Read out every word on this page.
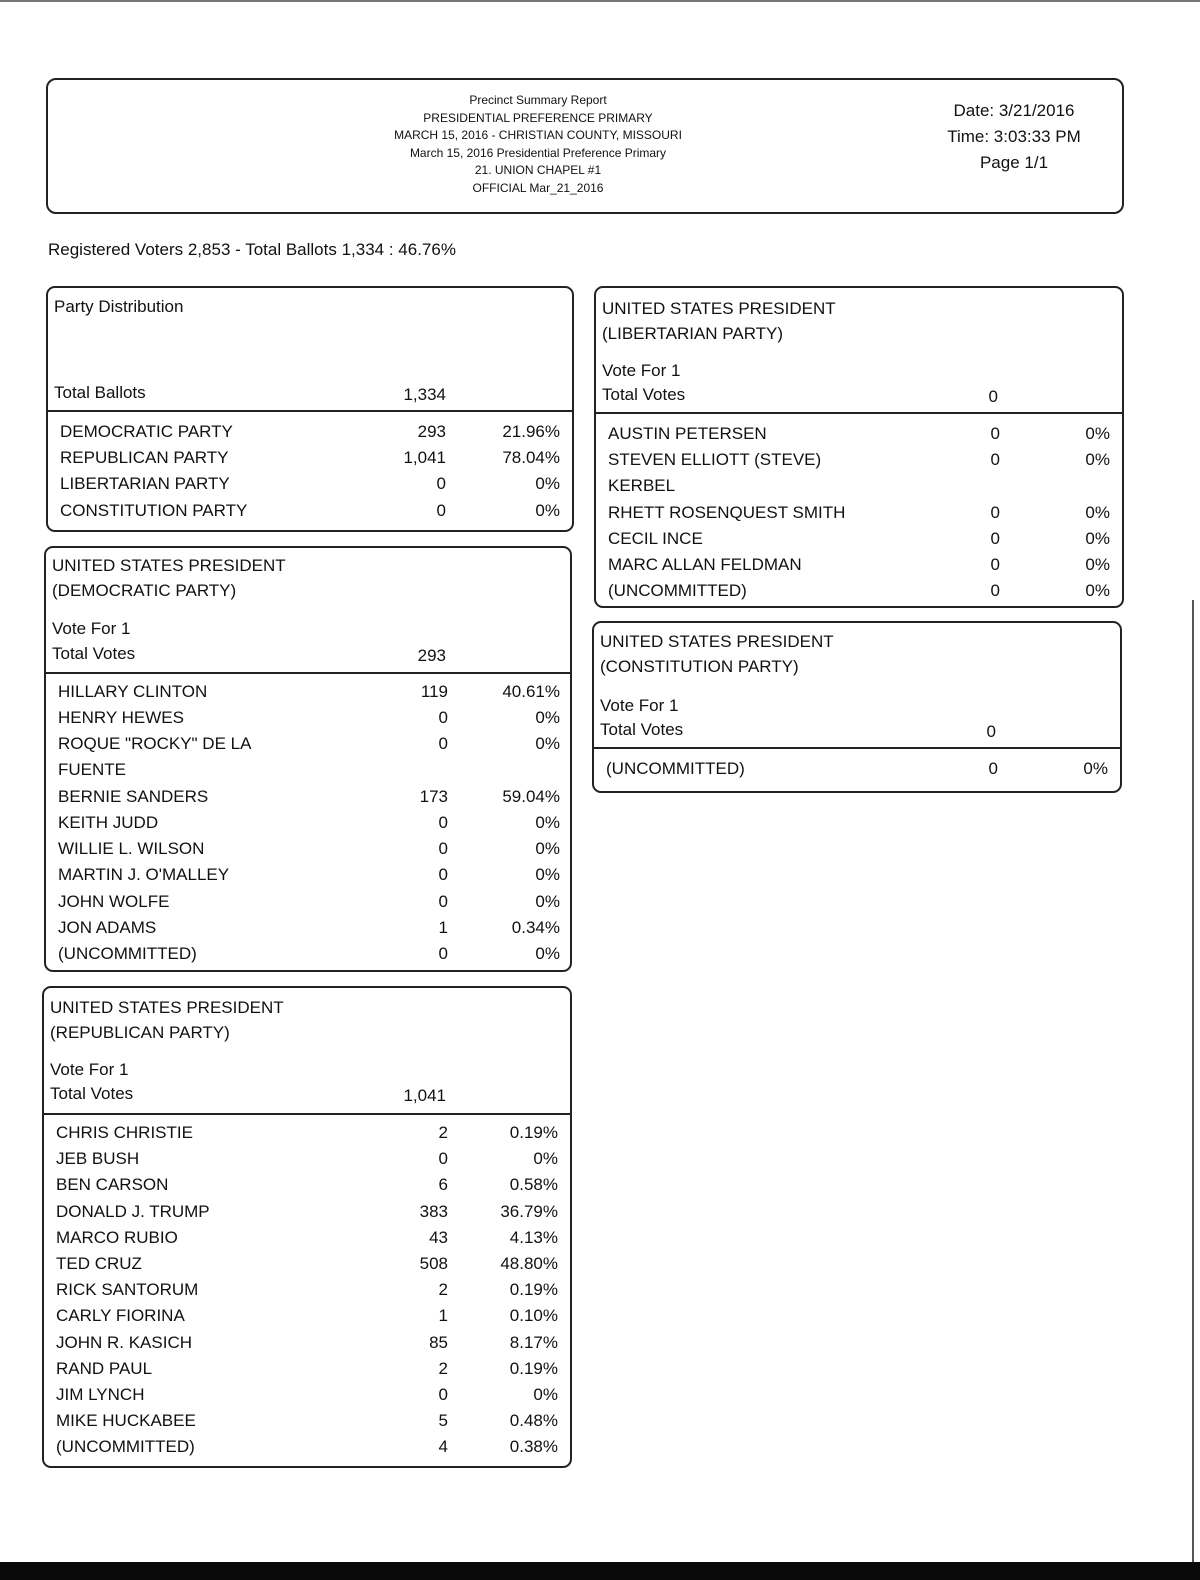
Precinct Summary Report
PRESIDENTIAL PREFERENCE PRIMARY
MARCH 15, 2016 - CHRISTIAN COUNTY, MISSOURI
March 15, 2016 Presidential Preference Primary
21. UNION CHAPEL #1
OFFICIAL Mar_21_2016
Date: 3/21/2016
Time: 3:03:33 PM
Page 1/1
Registered Voters 2,853 - Total Ballots 1,334 : 46.76%
Party Distribution
Total Ballots	1,334
DEMOCRATIC PARTY	293	21.96%
REPUBLICAN PARTY	1,041	78.04%
LIBERTARIAN PARTY	0	0%
CONSTITUTION PARTY	0	0%
UNITED STATES PRESIDENT
(DEMOCRATIC PARTY)
Vote For 1
Total Votes	293
HILLARY CLINTON	119	40.61%
HENRY HEWES	0	0%
ROQUE "ROCKY" DE LA
FUENTE
0	0%
BERNIE SANDERS	173	59.04%
KEITH JUDD	0	0%
WILLIE L. WILSON	0	0%
MARTIN J. O'MALLEY	0	0%
JOHN WOLFE	0	0%
JON ADAMS	1	0.34%
(UNCOMMITTED)	0	0%
UNITED STATES PRESIDENT
(REPUBLICAN PARTY)
Vote For 1
Total Votes	1,041
CHRIS CHRISTIE	2	0.19%
JEB BUSH	0	0%
BEN CARSON	6	0.58%
DONALD J. TRUMP	383	36.79%
MARCO RUBIO	43	4.13%
TED CRUZ	508	48.80%
RICK SANTORUM	2	0.19%
CARLY FIORINA	1	0.10%
JOHN R. KASICH	85	8.17%
RAND PAUL	2	0.19%
JIM LYNCH	0	0%
MIKE HUCKABEE	5	0.48%
(UNCOMMITTED)	4	0.38%
UNITED STATES PRESIDENT
(LIBERTARIAN PARTY)
Vote For 1
Total Votes	0
AUSTIN PETERSEN	0	0%
STEVEN ELLIOTT (STEVE)
KERBEL
0	0%
RHETT ROSENQUEST SMITH	0	0%
CECIL INCE	0	0%
MARC ALLAN FELDMAN	0	0%
(UNCOMMITTED)	0	0%
UNITED STATES PRESIDENT
(CONSTITUTION PARTY)
Vote For 1
Total Votes	0
(UNCOMMITTED)	0	0%
